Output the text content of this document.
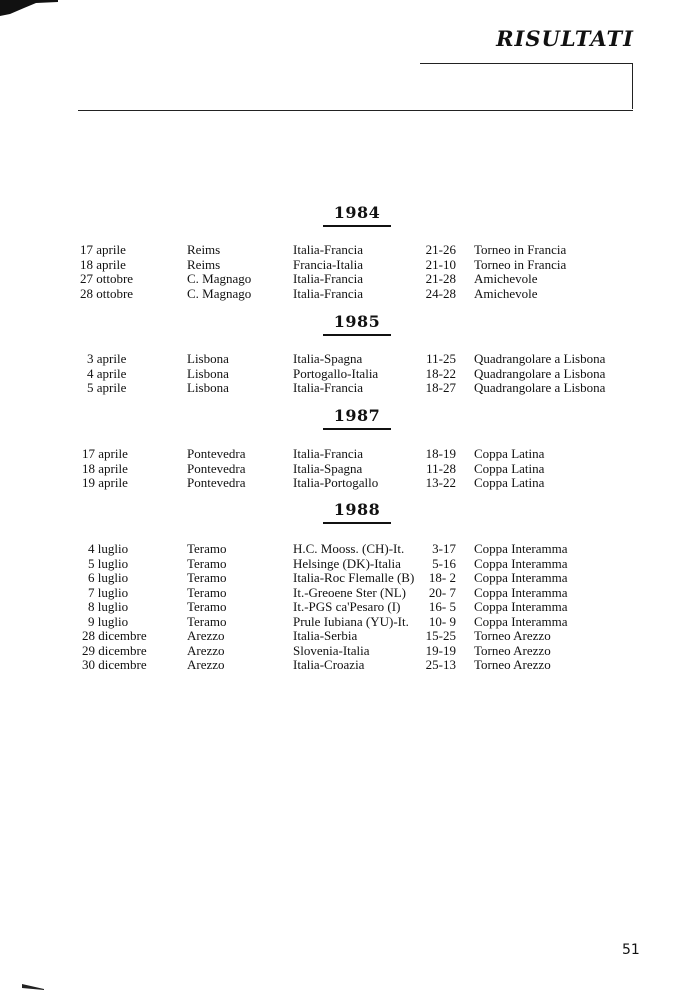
RISULTATI
1984
17 aprile	Reims	Italia-Francia	21-26 Torneo in Francia
18 aprile	Reims	Francia-Italia	21-10 Torneo in Francia
27 ottobre	C. Magnago	Italia-Francia	21-28 Amichevole
28 ottobre	C. Magnago	Italia-Francia	24-28 Amichevole
1985
3 aprile	Lisbona	Italia-Spagna	11-25 Quadrangolare a Lisbona
4 aprile	Lisbona	Portogallo-Italia	18-22 Quadrangolare a Lisbona
5 aprile	Lisbona	Italia-Francia	18-27 Quadrangolare a Lisbona
1987
17 aprile	Pontevedra	Italia-Francia	18-19 Coppa Latina
18 aprile	Pontevedra	Italia-Spagna	11-28 Coppa Latina
19 aprile	Pontevedra	Italia-Portogallo	13-22 Coppa Latina
1988
4 luglio	Teramo	H.C. Mooss. (CH)-It.	3-17 Coppa Interamma
5 luglio	Teramo	Helsinge (DK)-Italia	5-16 Coppa Interamma
6 luglio	Teramo	Italia-Roc Flemalle (B)	18- 2 Coppa Interamma
7 luglio	Teramo	It.-Greoene Ster (NL)	20- 7 Coppa Interamma
8 luglio	Teramo	It.-PGS ca'Pesaro (I)	16- 5 Coppa Interamma
9 luglio	Teramo	Prule Iubiana (YU)-It.	10- 9 Coppa Interamma
28 dicembre	Arezzo	Italia-Serbia	15-25 Torneo Arezzo
29 dicembre	Arezzo	Slovenia-Italia	19-19 Torneo Arezzo
30 dicembre	Arezzo	Italia-Croazia	25-13 Torneo Arezzo
51
